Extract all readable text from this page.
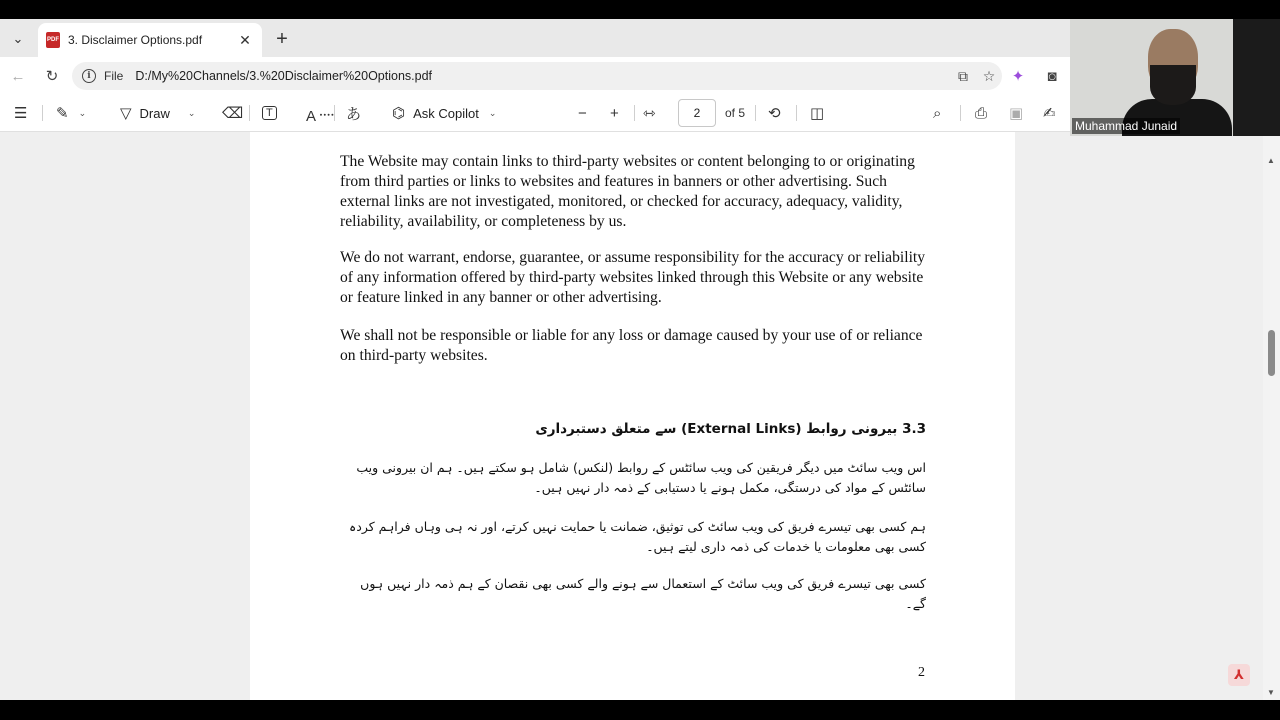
⌄	PDF 3. Disclaimer Options.pdf	✕ +
← ↻	i	File D:/My%20Channels/3.%20Disclaimer%20Options.pdf	⧉	☆	✦ ◙
☰ ✎ ⌄ ▽ Draw ⌄ ⌫	T A᠁ あ ⌬ Ask Copilot ⌄	− + ⇿	2	of 5 ⟲ ◫	⌕ ⎙ ▣ ✍

The Website may contain links to third-party websites or content belonging to or originating from third parties or links to websites and features in banners or other advertising. Such external links are not investigated, monitored, or checked for accuracy, adequacy, validity, reliability, availability, or completeness by us.

We do not warrant, endorse, guarantee, or assume responsibility for the accuracy or reliability of any information offered by third-party websites linked through this Website or any website or feature linked in any banner or other advertising.

We shall not be responsible or liable for any loss or damage caused by your use of or reliance on third-party websites.

3.3 بیرونی روابط (External Links) سے متعلق دستبرداری

اس ویب سائٹ میں دیگر فریقین کی ویب سائٹس کے روابط (لنکس) شامل ہو سکتے ہیں۔ ہم ان بیرونی ویب سائٹس کے مواد کی درستگی، مکمل ہونے یا دستیابی کے ذمہ دار نہیں ہیں۔

ہم کسی بھی تیسرے فریق کی ویب سائٹ کی توثیق، ضمانت یا حمایت نہیں کرتے، اور نہ ہی وہاں فراہم کردہ کسی بھی معلومات یا خدمات کی ذمہ داری لیتے ہیں۔

کسی بھی تیسرے فریق کی ویب سائٹ کے استعمال سے ہونے والے کسی بھی نقصان کے ہم ذمہ دار نہیں ہوں گے۔

2
▲
▼
⅄
Muhammad Junaid
